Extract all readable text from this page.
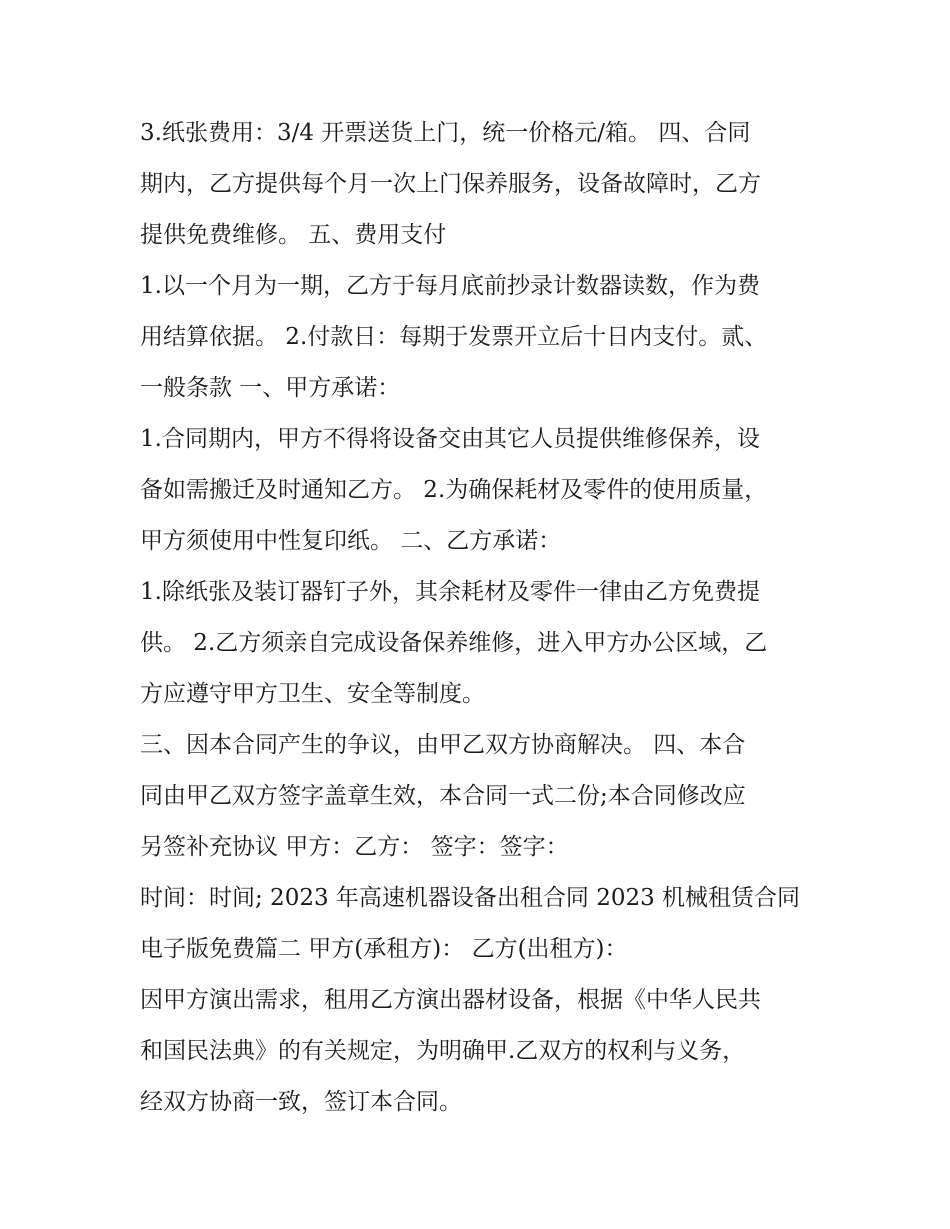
3.纸张费用：3/4 开票送货上门，统一价格元/箱。 四、合同
期内，乙方提供每个月一次上门保养服务，设备故障时，乙方
提供免费维修。 五、费用支付
1.以一个月为一期，乙方于每月底前抄录计数器读数，作为费
用结算依据。 2.付款日：每期于发票开立后十日内支付。贰、
一般条款 一、甲方承诺：
1.合同期内，甲方不得将设备交由其它人员提供维修保养，设
备如需搬迁及时通知乙方。 2.为确保耗材及零件的使用质量，
甲方须使用中性复印纸。 二、乙方承诺：
1.除纸张及装订器钉子外，其余耗材及零件一律由乙方免费提
供。 2.乙方须亲自完成设备保养维修，进入甲方办公区域，乙
方应遵守甲方卫生、安全等制度。
三、因本合同产生的争议，由甲乙双方协商解决。 四、本合
同由甲乙双方签字盖章生效，本合同一式二份;本合同修改应
另签补充协议 甲方：乙方： 签字：签字：
时间：时间; 2023 年高速机器设备出租合同 2023 机械租赁合同
电子版免费篇二 甲方(承租方)： 乙方(出租方)：
因甲方演出需求，租用乙方演出器材设备，根据《中华人民共
和国民法典》的有关规定，为明确甲.乙双方的权利与义务，
经双方协商一致，签订本合同。
